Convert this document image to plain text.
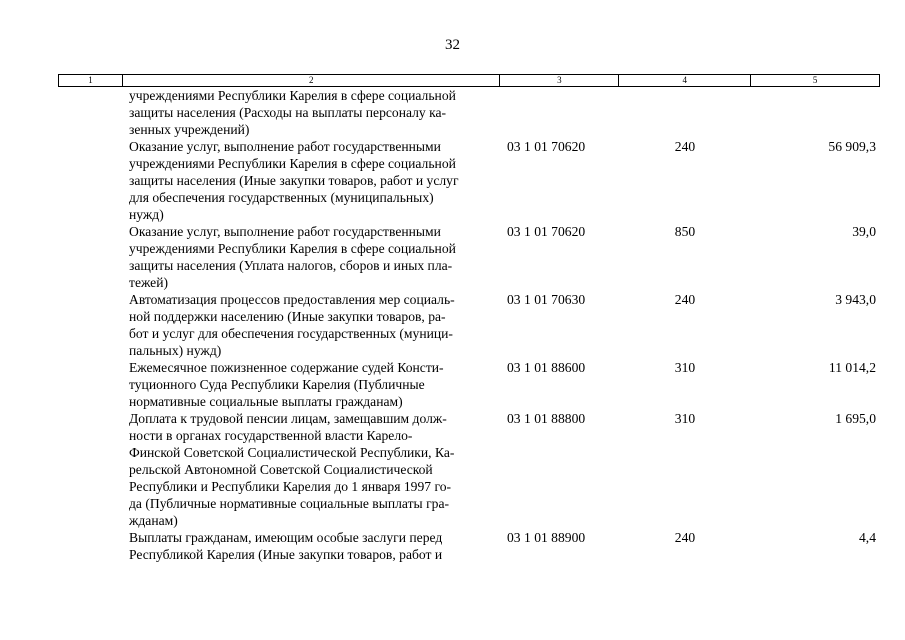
32
1	2	3	4	5
учреждениями Республики Карелия в сфере социальной
защиты населения (Расходы на выплаты персоналу ка-
зенных учреждений)
Оказание услуг, выполнение работ государственными
учреждениями Республики Карелия в сфере социальной
защиты населения (Иные закупки товаров, работ и услуг
для обеспечения государственных (муниципальных)
нужд)
03 1 01 70620	240	56 909,3
Оказание услуг, выполнение работ государственными
учреждениями Республики Карелия в сфере социальной
защиты населения (Уплата налогов, сборов и иных пла-
тежей)
03 1 01 70620	850	39,0
Автоматизация процессов предоставления мер социаль-
ной поддержки населению (Иные закупки товаров, ра-
бот и услуг для обеспечения государственных (муници-
пальных) нужд)
03 1 01 70630	240	3 943,0
Ежемесячное пожизненное содержание судей Консти-
туционного Суда Республики Карелия (Публичные
нормативные социальные выплаты гражданам)
03 1 01 88600	310	11 014,2
Доплата к трудовой пенсии лицам, замещавшим долж-
ности в органах государственной власти Карело-
Финской Советской Социалистической Республики, Ка-
рельской Автономной Советской Социалистической
Республики и Республики Карелия до 1 января 1997 го-
да (Публичные нормативные социальные выплаты гра-
жданам)
03 1 01 88800	310	1 695,0
Выплаты гражданам, имеющим особые заслуги перед
Республикой Карелия (Иные закупки товаров, работ и
03 1 01 88900	240	4,4
